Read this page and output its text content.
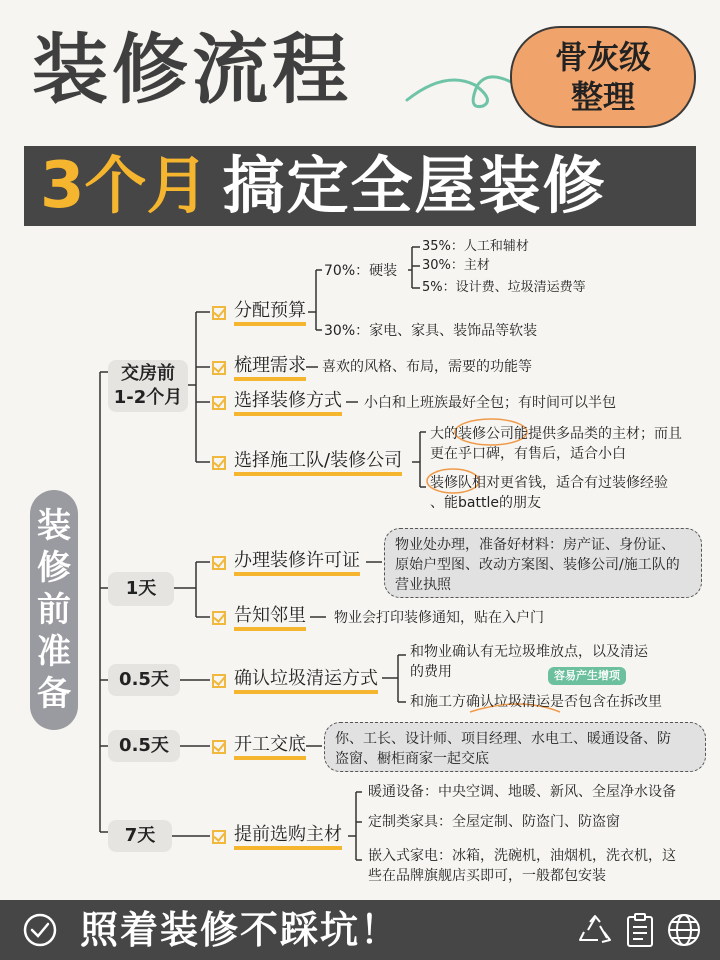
装修流程	骨灰级
整理
3 个月 搞定全屋装修
装
修
前
准
备
交房前
1-2个月
1天
0.5天
0.5天
7天
分配预算
梳理需求
选择装修方式
选择施工队/装修公司
70%：硬装
35%：人工和辅材
30%：主材
5%：设计费、垃圾清运费等
30%：家电、家具、装饰品等软装
喜欢的风格、布局，需要的功能等
小白和上班族最好全包；有时间可以半包
大的装修公司能提供多品类的主材；而且
更在乎口碑，有售后，适合小白
装修队相对更省钱，适合有过装修经验
、能battle的朋友
办理装修许可证
物业处办理，准备好材料：房产证、身份证、
原始户型图、改动方案图、装修公司/施工队的
营业执照
告知邻里 物业会打印装修通知，贴在入户门
确认垃圾清运方式
和物业确认有无垃圾堆放点，以及清运
的费用	容易产生增项
和施工方确认垃圾清运是否包含在拆改里
开工交底 你、工长、设计师、项目经理、水电工、暖通设备、防
盗窗、橱柜商家一起交底
提前选购主材
暖通设备：中央空调、地暖、新风、全屋净水设备
定制类家具：全屋定制、防盗门、防盗窗
嵌入式家电：冰箱，洗碗机，油烟机，洗衣机，这
些在品牌旗舰店买即可，一般都包安装
照着装修不踩坑！
